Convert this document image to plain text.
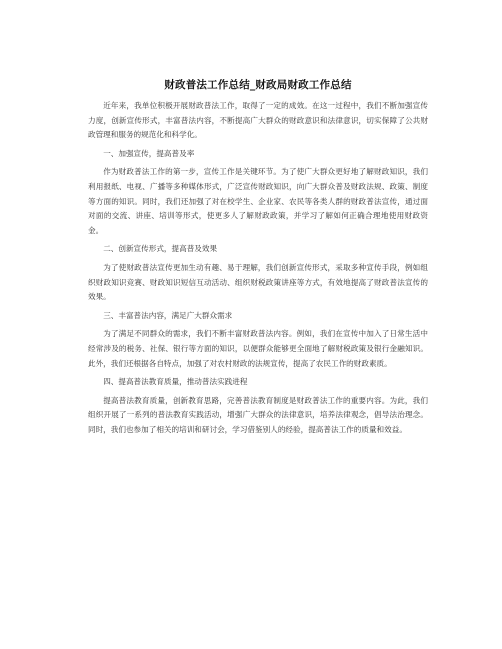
财政普法工作总结_财政局财政工作总结

近年来，我单位积极开展财政普法工作，取得了一定的成效。在这一过程中，我们不断加强宣传力度，创新宣传形式，丰富普法内容，不断提高广大群众的财政意识和法律意识，切实保障了公共财政管理和服务的规范化和科学化。

一、加强宣传，提高普及率

作为财政普法工作的第一步，宣传工作是关键环节。为了使广大群众更好地了解财政知识，我们利用报纸、电视、广播等多种媒体形式，广泛宣传财政知识，向广大群众普及财政法规、政策、制度等方面的知识。同时，我们还加强了对在校学生、企业家、农民等各类人群的财政普法宣传，通过面对面的交流、讲座、培训等形式，使更多人了解财政政策，并学习了解如何正确合理地使用财政资金。

二、创新宣传形式，提高普及效果

为了使财政普法宣传更加生动有趣、易于理解，我们创新宣传形式，采取多种宣传手段，例如组织财政知识竞赛、财政知识短信互动活动、组织财税政策讲座等方式，有效地提高了财政普法宣传的效果。

三、丰富普法内容，满足广大群众需求

为了满足不同群众的需求，我们不断丰富财政普法内容。例如，我们在宣传中加入了日常生活中经常涉及的税务、社保、银行等方面的知识，以便群众能够更全面地了解财税政策及银行金融知识。此外，我们还根据各自特点，加强了对农村财政的法规宣传，提高了农民工作的财政素质。

四、提高普法教育质量，推动普法实践进程

提高普法教育质量，创新教育思路，完善普法教育制度是财政普法工作的重要内容。为此，我们组织开展了一系列的普法教育实践活动，增强广大群众的法律意识，培养法律观念，倡导法治理念。同时，我们也参加了相关的培训和研讨会，学习借鉴别人的经验，提高普法工作的质量和效益。
